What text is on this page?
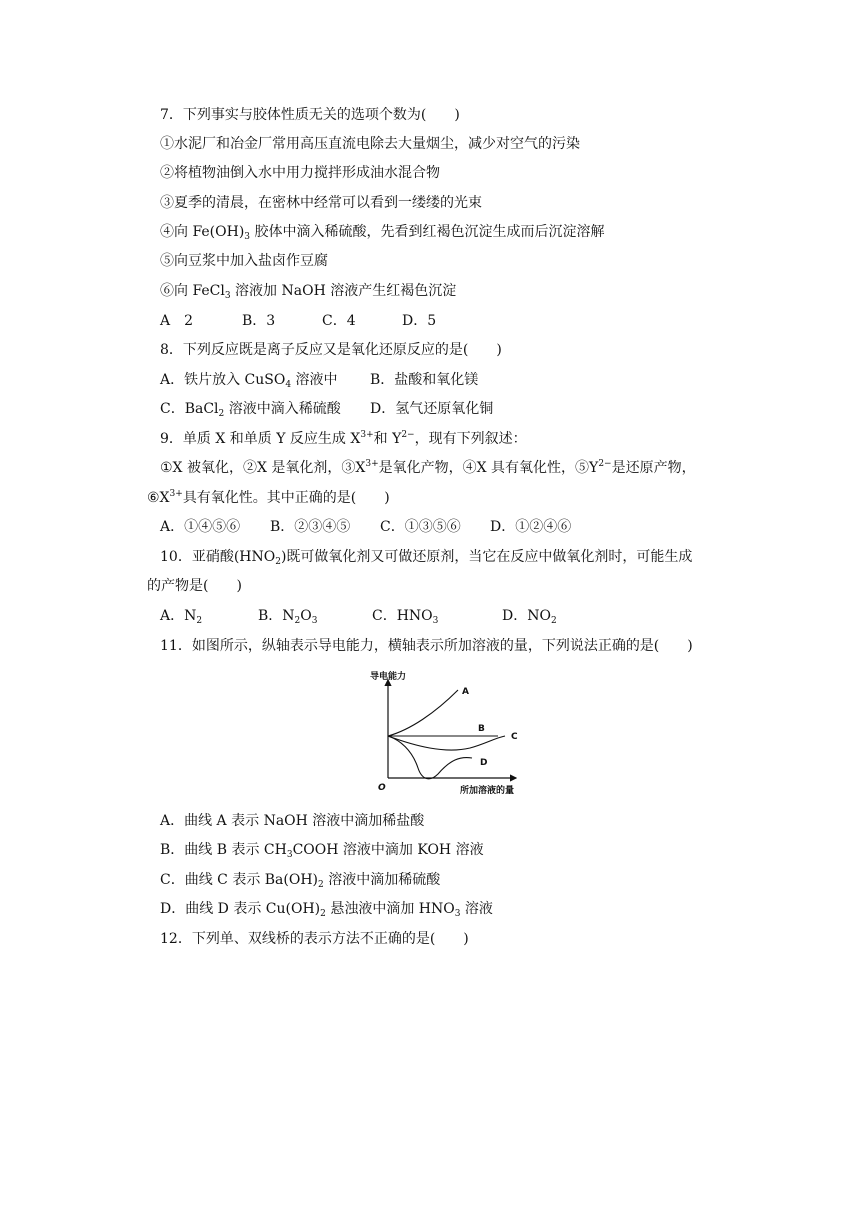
7．下列事实与胶体性质无关的选项个数为(　　)
①水泥厂和冶金厂常用高压直流电除去大量烟尘，减少对空气的污染
②将植物油倒入水中用力搅拌形成油水混合物
③夏季的清晨，在密林中经常可以看到一缕缕的光束
④向 $Fe(OH)_3$ 胶体中滴入稀硫酸，先看到红褐色沉淀生成而后沉淀溶解
⑤向豆浆中加入盐卤作豆腐
⑥向 FeCl$_3$ 溶液加 NaOH 溶液产生红褐色沉淀
A　2	B．3	C．4	D．5
8．下列反应既是离子反应又是氧化还原反应的是(　　)
A．铁片放入 CuSO$_4$ 溶液中 B．盐酸和氧化镁
C．BaCl$_2$ 溶液中滴入稀硫酸 D．氢气还原氧化铜
9．单质 X 和单质 Y 反应生成 $X^{3+}$和 $Y^{2-}$，现有下列叙述：
①X 被氧化，②X 是氧化剂，$③X^{3+}$是氧化产物，④X 具有氧化性，$⑤Y^{2-}$是还原产物，
$⑥X^{3+}$具有氧化性。其中正确的是(　　)
A．①④⑤⑥ B．②③④⑤ C．①③⑤⑥ D．①②④⑥
10．亚硝酸$(HNO_2)$既可做氧化剂又可做还原剂，当它在反应中做氧化剂时，可能生成
的产物是(　　)
A．$N_2$	B．$N_2O_3$	C．$HNO_3$	D．$NO_2$
11．如图所示，纵轴表示导电能力，横轴表示所加溶液的量，下列说法正确的是(　　)
导电能力
所加溶液的量
O
A
B
C
D
A．曲线 A 表示 NaOH 溶液中滴加稀盐酸
B．曲线 B 表示 $CH_3COOH$ 溶液中滴加 KOH 溶液
C．曲线 C 表示 $Ba(OH)_2$ 溶液中滴加稀硫酸
D．曲线 D 表示 $Cu(OH)_2$ 悬浊液中滴加 $HNO_3$ 溶液
12．下列单、双线桥的表示方法不正确的是(　　)
